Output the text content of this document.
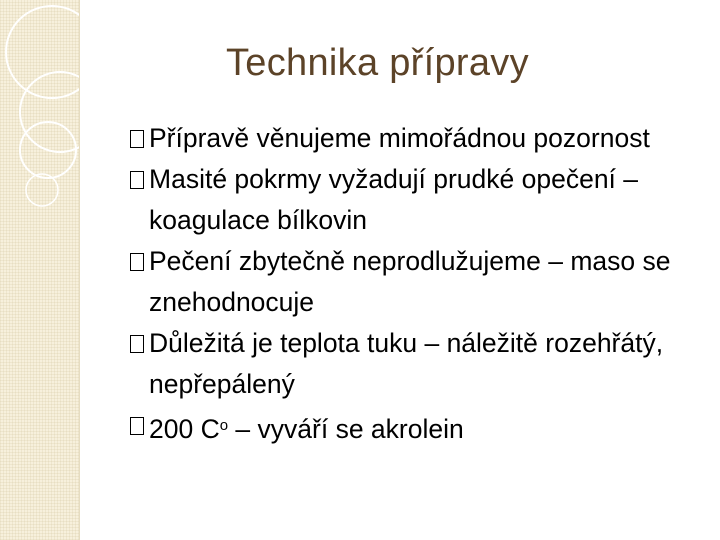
Technika přípravy
Přípravě věnujeme mimořádnou pozornost
Masité pokrmy vyžadují prudké opečení – koagulace bílkovin
Pečení zbytečně neprodlužujeme – maso se znehodnocuje
Důležitá je teplota tuku – náležitě rozehřátý, nepřepálený
200 $C^o$ – vyváří se akrolein
